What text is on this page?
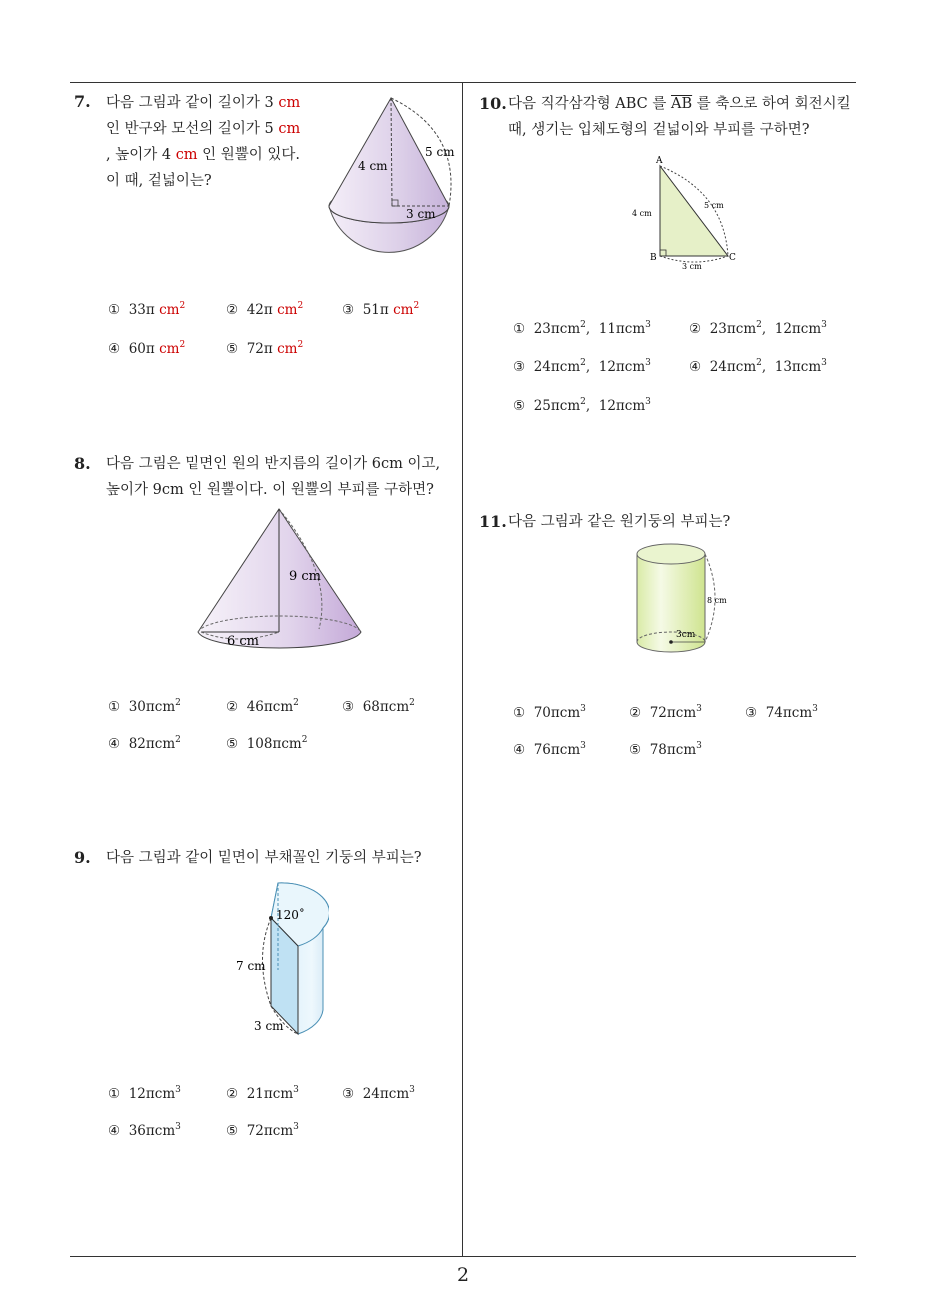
7. 다음 그림과 같이 길이가 3 cm
인 반구와 모선의 길이가 5 cm
, 높이가 4 cm 인 원뿔이 있다.
이 때, 겉넓이는?
4 cm
5 cm
3 cm
① 33π $cm^2$	② 42π $cm^2$	③ 51π $cm^2$
④ 60π $cm^2$	⑤ 72π $cm^2$
8. 다음 그림은 밑면인 원의 반지름의 길이가 6cm 이고,
높이가 9cm 인 원뿔이다. 이 원뿔의 부피를 구하면?
9 cm
6 cm
① 30πcm$^2$	② 46πcm$^2$	③ 68πcm$^2$
④ 82πcm$^2$	⑤ 108πcm$^2$
9. 다음 그림과 같이 밑면이 부채꼴인 기둥의 부피는?
120˚
7 cm
3 cm
① 12πcm$^3$	② 21πcm$^3$	③ 24πcm$^3$
④ 36πcm$^3$	⑤ 72πcm$^3$
10. 다음 직각삼각형 ABC 를 $\overline{AB}$ 를 축으로 하여 회전시킬
때, 생기는 입체도형의 겉넓이와 부피를 구하면?
A
B	C
4 cm
5 cm
3 cm
① 23πcm$^2$,  11πcm$^3$	② 23πcm$^2$,  12πcm$^3$
③ 24πcm$^2$,  12πcm$^3$	④ 24πcm$^2$,  13πcm$^3$
⑤ 25πcm$^2$,  12πcm$^3$
11. 다음 그림과 같은 원기둥의 부피는?
8 cm
3cm
① 70πcm$^3$	② 72πcm$^3$	③ 74πcm$^3$
④ 76πcm$^3$	⑤ 78πcm$^3$
2
